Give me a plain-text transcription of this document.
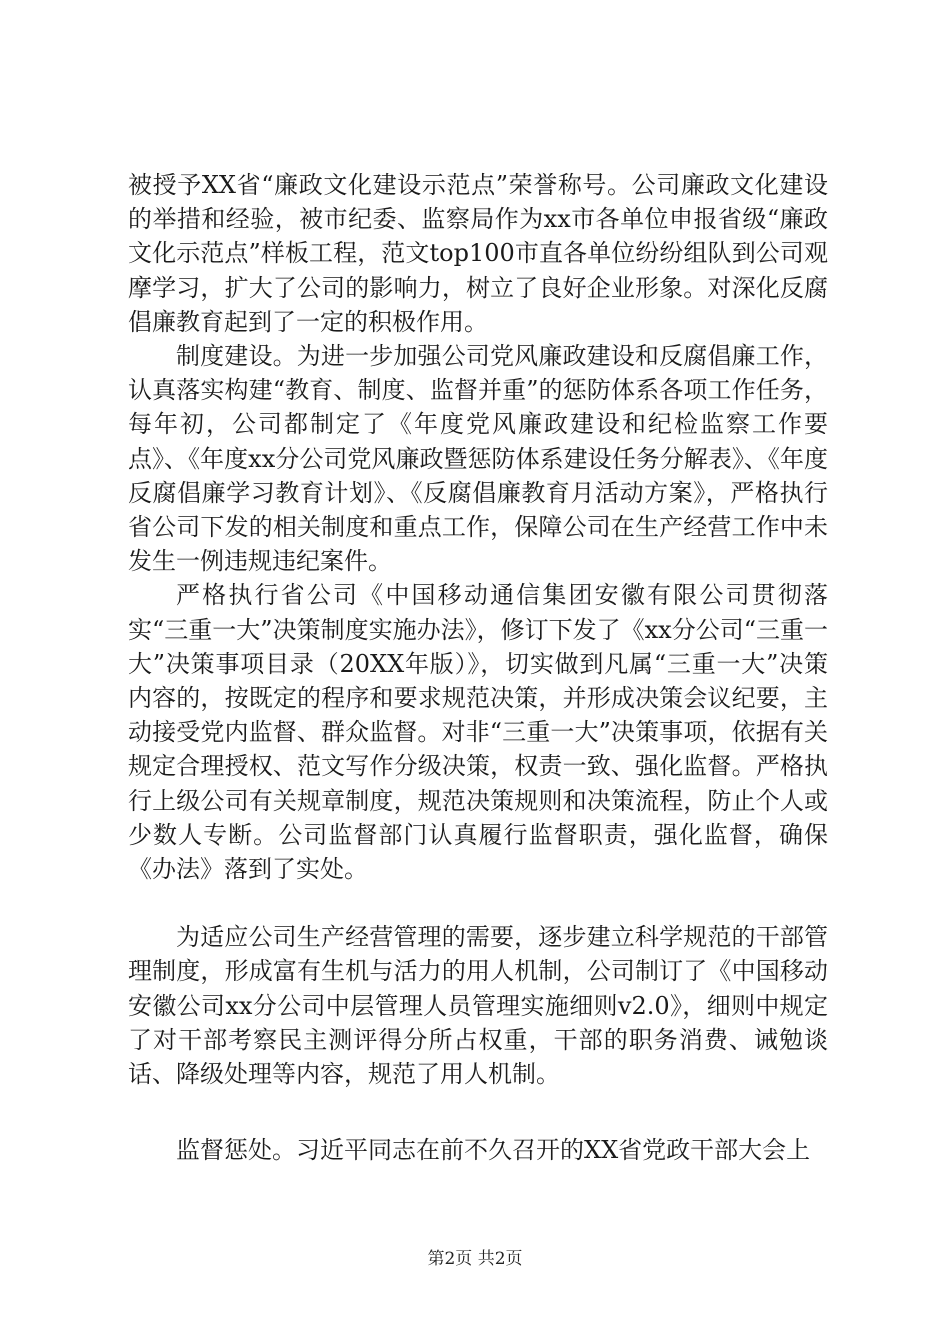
被授予XX省“廉政文化建设示范点”荣誉称号。公司廉政文化建设的举措和经验，被市纪委、监察局作为xx市各单位申报省级“廉政文化示范点”样板工程，范文top100市直各单位纷纷组队到公司观摩学习，扩大了公司的影响力，树立了良好企业形象。对深化反腐倡廉教育起到了一定的积极作用。

制度建设。为进一步加强公司党风廉政建设和反腐倡廉工作，认真落实构建“教育、制度、监督并重”的惩防体系各项工作任务，每年初，公司都制定了《年度党风廉政建设和纪检监察工作要点》、《年度xx分公司党风廉政暨惩防体系建设任务分解表》、《年度反腐倡廉学习教育计划》、《反腐倡廉教育月活动方案》，严格执行省公司下发的相关制度和重点工作，保障公司在生产经营工作中未发生一例违规违纪案件。

严格执行省公司《中国移动通信集团安徽有限公司贯彻落实“三重一大”决策制度实施办法》，修订下发了《xx分公司“三重一大”决策事项目录（20XX年版）》，切实做到凡属“三重一大”决策内容的，按既定的程序和要求规范决策，并形成决策会议纪要，主动接受党内监督、群众监督。对非“三重一大”决策事项，依据有关规定合理授权、范文写作分级决策，权责一致、强化监督。严格执行上级公司有关规章制度，规范决策规则和决策流程，防止个人或少数人专断。公司监督部门认真履行监督职责，强化监督，确保《办法》落到了实处。

为适应公司生产经营管理的需要，逐步建立科学规范的干部管理制度，形成富有生机与活力的用人机制，公司制订了《中国移动安徽公司xx分公司中层管理人员管理实施细则v2.0》，细则中规定了对干部考察民主测评得分所占权重，干部的职务消费、诫勉谈话、降级处理等内容，规范了用人机制。

监督惩处。习近平同志在前不久召开的XX省党政干部大会上

第2页 共2页
